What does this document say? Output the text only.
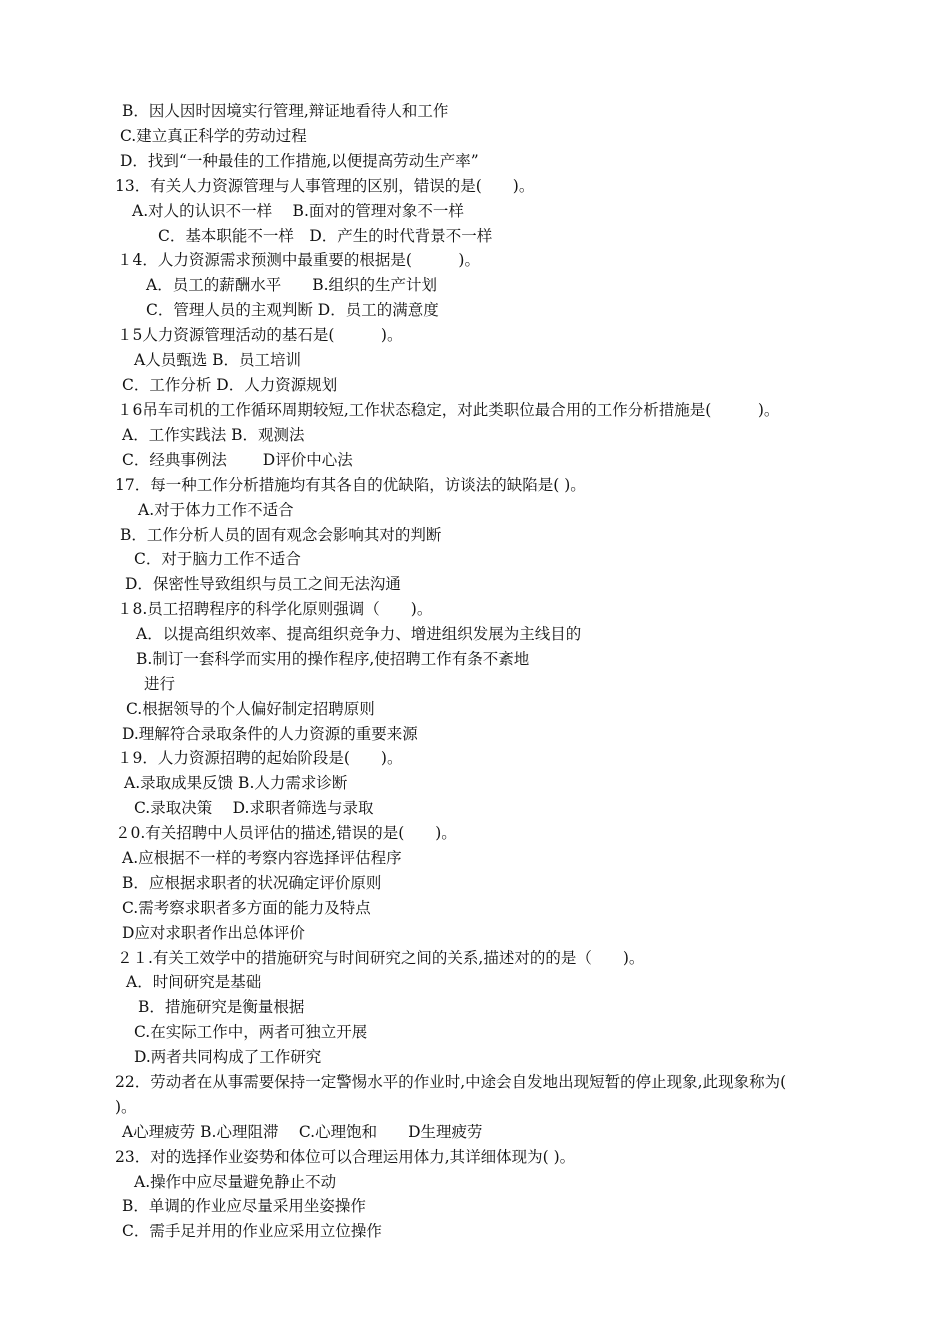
B．因人因时因境实行管理,辩证地看待人和工作
C.建立真正科学的劳动过程
D．找到“一种最佳的工作措施,以便提高劳动生产率”
13．有关人力资源管理与人事管理的区别，错误的是(　　)。
A.对人的认识不一样　 B.面对的管理对象不一样
C．基本职能不一样　D．产生的时代背景不一样
１4．人力资源需求预测中最重要的根据是(　　　)。
A．员工的薪酬水平　　B.组织的生产计划
C．管理人员的主观判断 D．员工的满意度
１5人力资源管理活动的基石是(　　　)。
A人员甄选 B．员工培训
C．工作分析 D．人力资源规划
１6吊车司机的工作循环周期较短,工作状态稳定，对此类职位最合用的工作分析措施是(　　　)。
A．工作实践法 B．观测法
C．经典事例法　　 D评价中心法
17．每一种工作分析措施均有其各自的优缺陷，访谈法的缺陷是( )。
A.对于体力工作不适合
B．工作分析人员的固有观念会影响其对的判断
C．对于脑力工作不适合
D．保密性导致组织与员工之间无法沟通
１8.员工招聘程序的科学化原则强调（　　)。
A．以提高组织效率、提高组织竞争力、增进组织发展为主线目的
B.制订一套科学而实用的操作程序,使招聘工作有条不紊地
进行
C.根据领导的个人偏好制定招聘原则
D.理解符合录取条件的人力资源的重要来源
１9．人力资源招聘的起始阶段是(　　)。
A.录取成果反馈 B.人力需求诊断
C.录取决策　 D.求职者筛选与录取
２0.有关招聘中人员评估的描述,错误的是(　　)。
A.应根据不一样的考察内容选择评估程序
B．应根据求职者的状况确定评价原则
C.需考察求职者多方面的能力及特点
D应对求职者作出总体评价
２１.有关工效学中的措施研究与时间研究之间的关系,描述对的的是（　　)。
A．时间研究是基础
B．措施研究是衡量根据
C.在实际工作中，两者可独立开展
D.两者共同构成了工作研究
22．劳动者在从事需要保持一定警惕水平的作业时,中途会自发地出现短暂的停止现象,此现象称为(
)。
A心理疲劳 B.心理阻滞　 C.心理饱和　　D生理疲劳
23．对的选择作业姿势和体位可以合理运用体力,其详细体现为( )。
A.操作中应尽量避免静止不动
B．单调的作业应尽量采用坐姿操作
C．需手足并用的作业应采用立位操作
